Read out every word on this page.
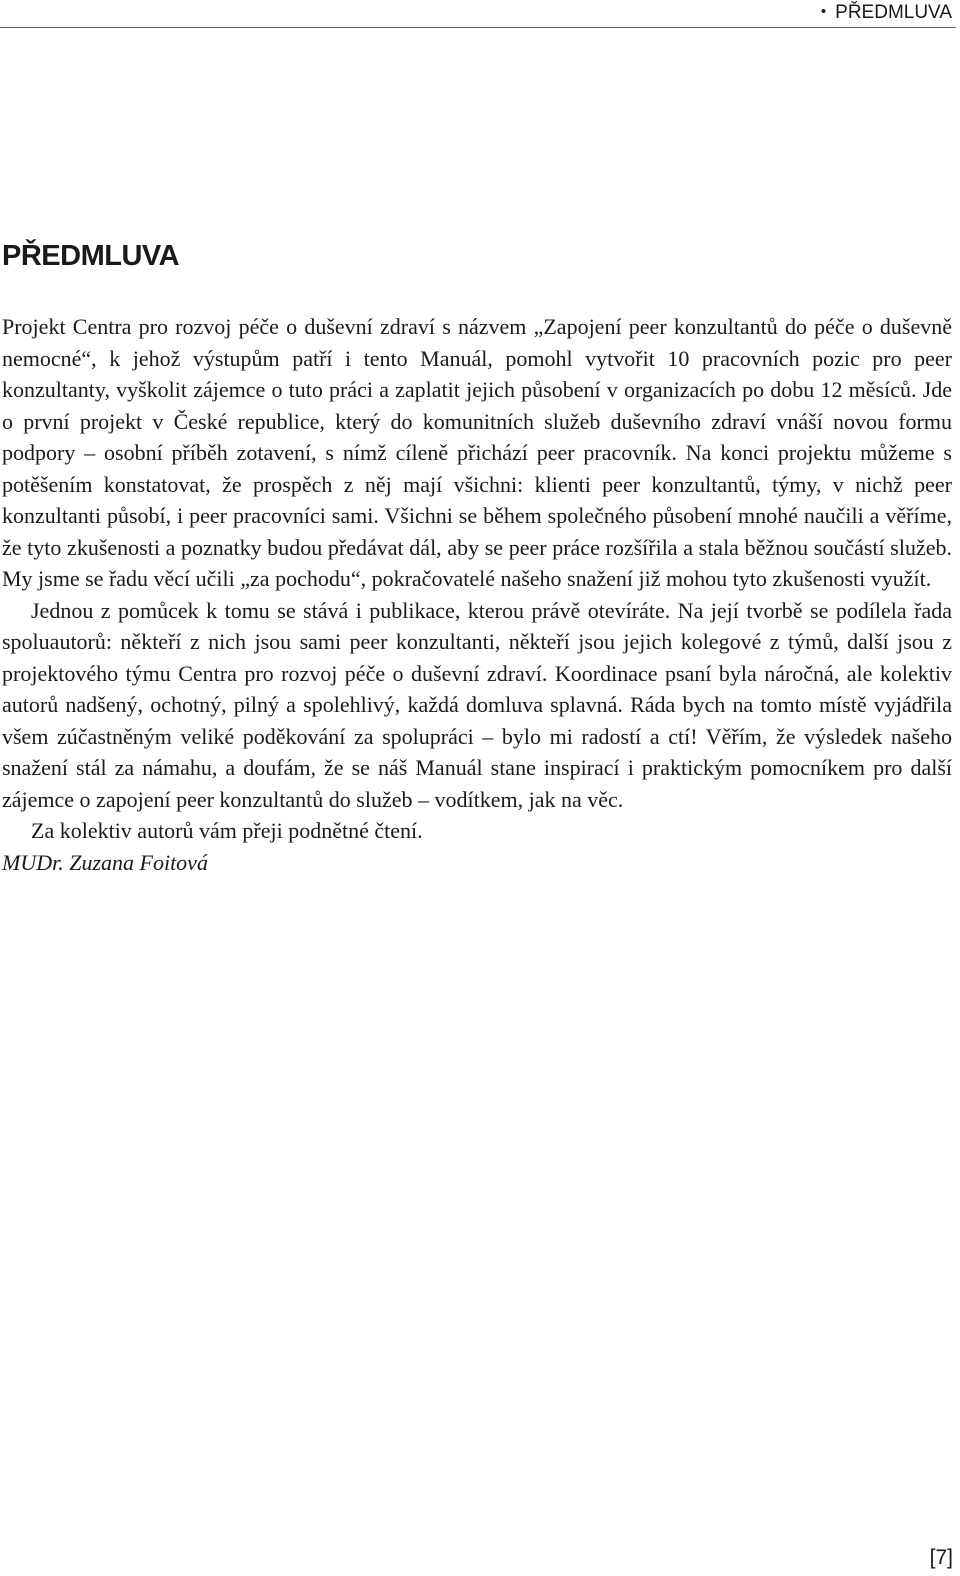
• PŘEDMLUVA
PŘEDMLUVA

Projekt Centra pro rozvoj péče o duševní zdraví s názvem „Zapojení peer konzultantů do péče o duševně nemocné“, k jehož výstupům patří i tento Manuál, pomohl vytvořit 10 pracovních pozic pro peer konzultanty, vyškolit zájemce o tuto práci a zaplatit jejich působení v organizacích po dobu 12 měsíců. Jde o první projekt v České republice, který do komunitních služeb duševního zdraví vnáší novou formu podpory – osobní příběh zotavení, s nímž cíleně přichází peer pracovník. Na konci projektu můžeme s potěšením konstatovat, že prospěch z něj mají všichni: klienti peer konzultantů, týmy, v nichž peer konzultanti působí, i peer pracovníci sami. Všichni se během společného působení mnohé naučili a věříme, že tyto zkušenosti a poznatky budou předávat dál, aby se peer práce rozšířila a stala běžnou součástí služeb. My jsme se řadu věcí učili „za pochodu“, pokračovatelé našeho snažení již mohou tyto zkušenosti využít.

Jednou z pomůcek k tomu se stává i publikace, kterou právě otevíráte. Na její tvorbě se podílela řada spoluautorů: někteří z nich jsou sami peer konzultanti, někteří jsou jejich kolegové z týmů, další jsou z projektového týmu Centra pro rozvoj péče o duševní zdraví. Koordinace psaní byla náročná, ale kolektiv autorů nadšený, ochotný, pilný a spolehlivý, každá domluva splavná. Ráda bych na tomto místě vyjádřila všem zúčastněným veliké poděkování za spolupráci – bylo mi radostí a ctí! Věřím, že výsledek našeho snažení stál za námahu, a doufám, že se náš Manuál stane inspirací i praktickým pomocníkem pro další zájemce o zapojení peer konzultantů do služeb – vodítkem, jak na věc.

Za kolektiv autorů vám přeji podnětné čtení.

MUDr. Zuzana Foitová

[7]
